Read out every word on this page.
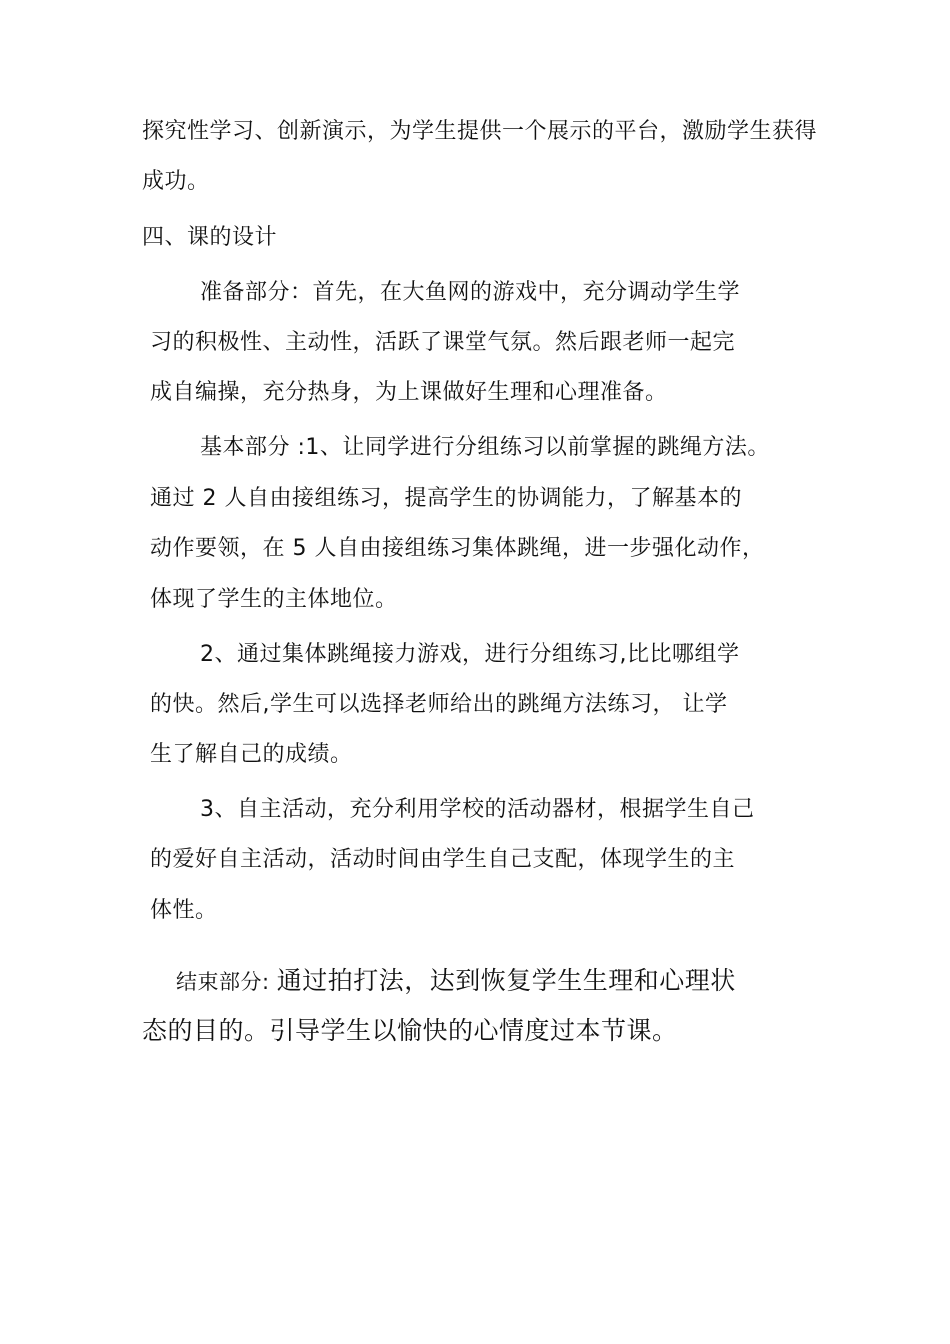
探究性学习、创新演示，为学生提供一个展示的平台，激励学生获得
成功。
四、课的设计
准备部分：首先，在大鱼网的游戏中，充分调动学生学
习的积极性、主动性，活跃了课堂气氛。然后跟老师一起完
成自编操，充分热身，为上课做好生理和心理准备。
基本部分 :1、让同学进行分组练习以前掌握的跳绳方法。
通过 2 人自由接组练习，提高学生的协调能力，了解基本的
动作要领，在 5 人自由接组练习集体跳绳，进一步强化动作，
体现了学生的主体地位。
2、通过集体跳绳接力游戏，进行分组练习,比比哪组学
的快。然后,学生可以选择老师给出的跳绳方法练习， 让学
生了解自己的成绩。
3、自主活动，充分利用学校的活动器材，根据学生自己
的爱好自主活动，活动时间由学生自己支配，体现学生的主
体性。
结束部分: 通过拍打法，达到恢复学生生理和心理状
态的目的。引导学生以愉快的心情度过本节课。
